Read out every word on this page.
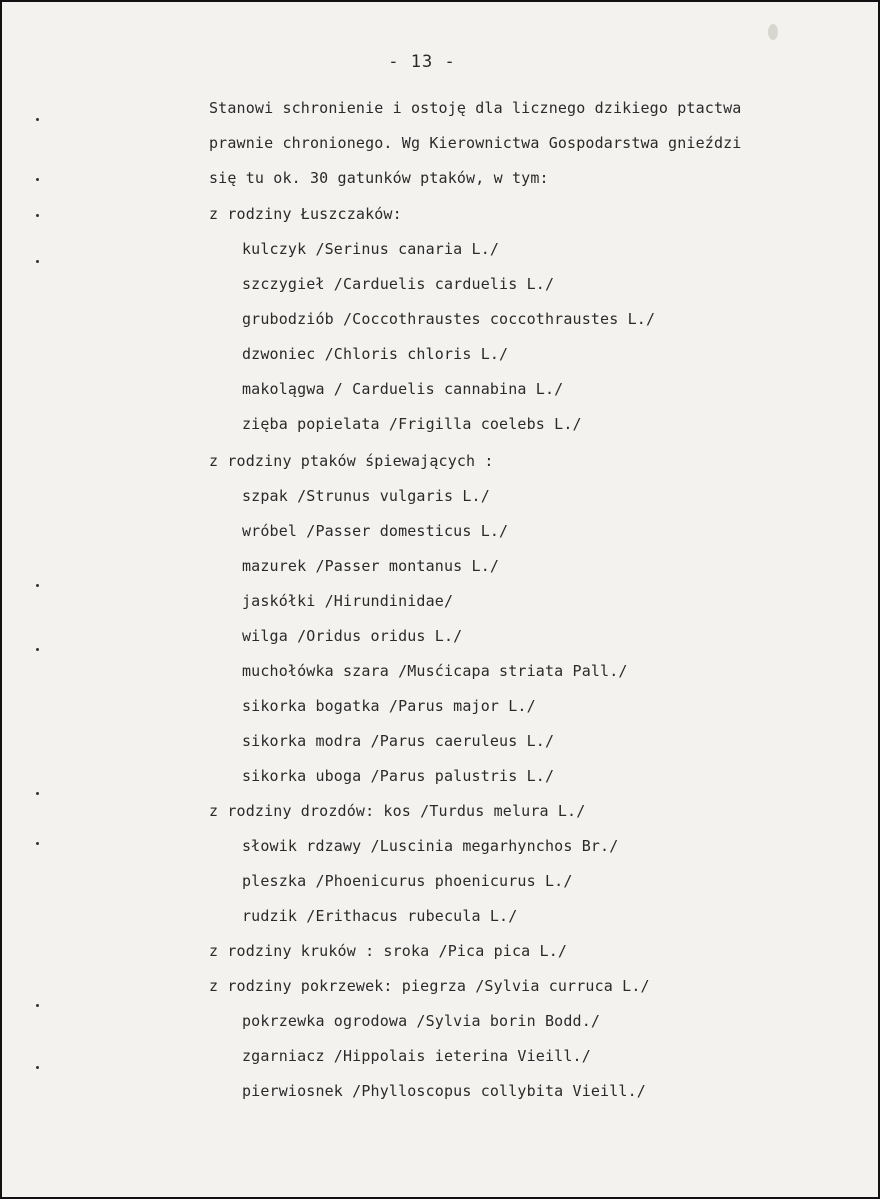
- 13 -
Stanowi schronienie i ostoję dla licznego dzikiego ptactwa
prawnie chronionego. Wg Kierownictwa Gospodarstwa gnieździ
się tu ok. 30 gatunków ptaków, w tym:
z rodziny Łuszczaków:
kulczyk /Serinus canaria L./
szczygieł /Carduelis carduelis L./
grubodziób /Coccothraustes coccothraustes L./
dzwoniec /Chloris chloris L./
makolągwa / Carduelis cannabina L./
zięba popielata /Frigilla coelebs L./
z rodziny ptaków śpiewających :
szpak /Strunus vulgaris L./
wróbel /Passer domesticus L./
mazurek /Passer montanus L./
jaskółki /Hirundinidae/
wilga /Oridus oridus L./
muchołówka szara /Musćicapa striata Pall./
sikorka bogatka /Parus major L./
sikorka modra /Parus caeruleus L./
sikorka uboga /Parus palustris L./
z rodziny drozdów: kos /Turdus melura L./
słowik rdzawy /Luscinia megarhynchos Br./
pleszka /Phoenicurus phoenicurus L./
rudzik /Erithacus rubecula L./
z rodziny kruków : sroka /Pica pica L./
z rodziny pokrzewek: piegrza /Sylvia curruca L./
pokrzewka ogrodowa /Sylvia borin Bodd./
zgarniacz /Hippolais ieterina Vieill./
pierwiosnek /Phylloscopus collybita Vieill./
